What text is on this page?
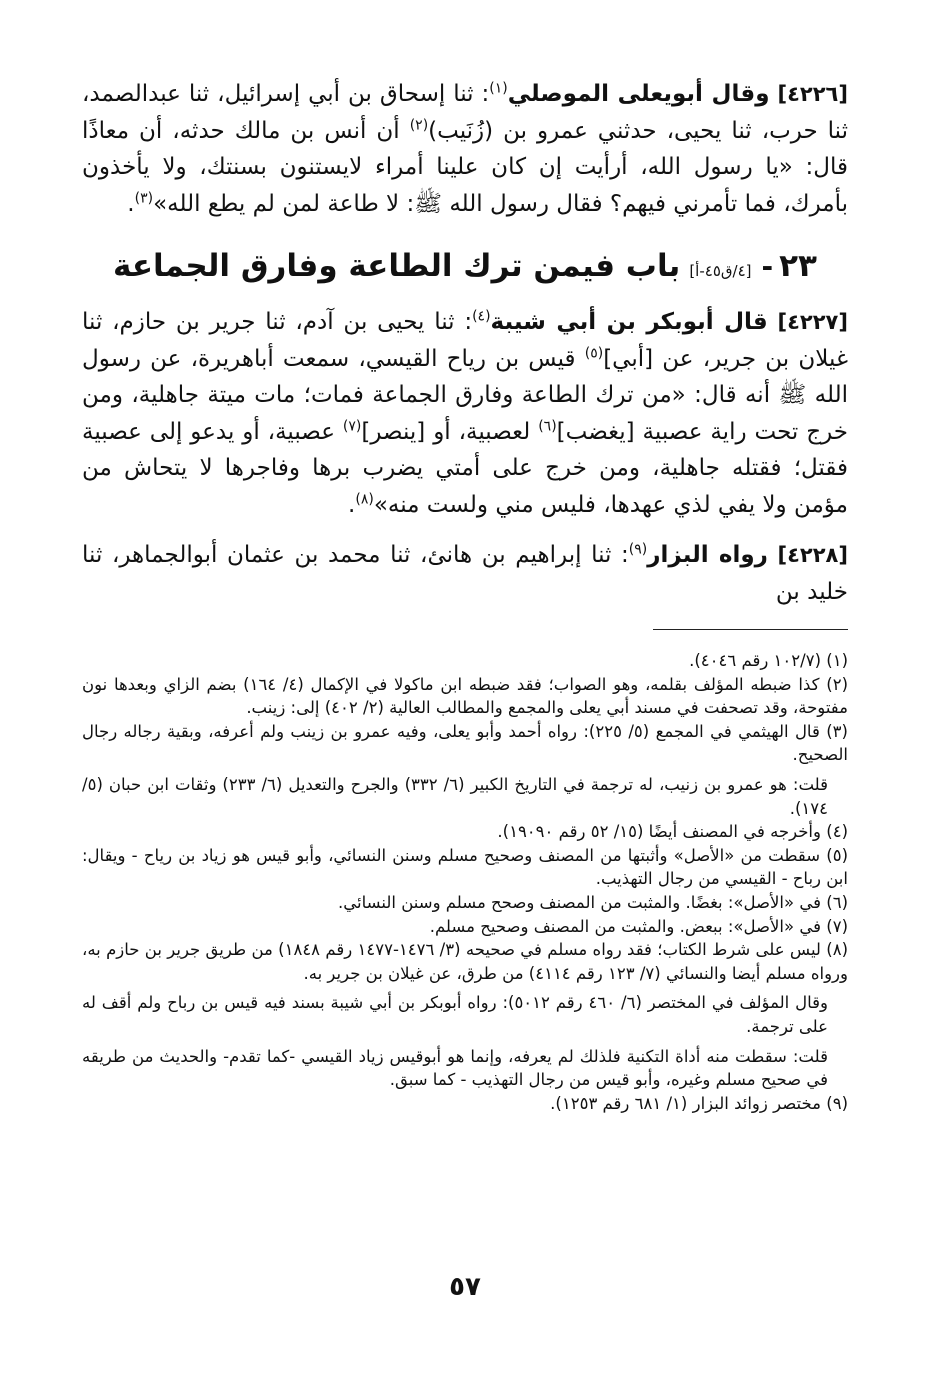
[٤٢٢٦] وقال أبويعلى الموصلي$^{(١)}$: ثنا إسحاق بن أبي إسرائيل، ثنا عبدالصمد، ثنا حرب، ثنا يحيى، حدثني عمرو بن (زُنَيب)$^{(٢)}$ أن أنس بن مالك حدثه، أن معاذًا قال: «يا رسول الله، أرأيت إن كان علينا أمراء لايستنون بسنتك، ولا يأخذون بأمرك، فما تأمرني فيهم؟ فقال رسول الله ﷺ: لا طاعة لمن لم يطع الله»$^{(٣)}$.

٢٣-[٤/ق٤٥-أ] باب فيمن ترك الطاعة وفارق الجماعة

[٤٢٢٧] قال أبوبكر بن أبي شيبة$^{(٤)}$: ثنا يحيى بن آدم، ثنا جرير بن حازم، ثنا غيلان بن جرير، عن [أبي]$^{(٥)}$ قيس بن رياح القيسي، سمعت أباهريرة، عن رسول الله ﷺ أنه قال: «من ترك الطاعة وفارق الجماعة فمات؛ مات ميتة جاهلية، ومن خرج تحت راية عصبية [يغضب]$^{(٦)}$ لعصبية، أو [ينصر]$^{(٧)}$ عصبية، أو يدعو إلى عصبية فقتل؛ فقتله جاهلية، ومن خرج على أمتي يضرب برها وفاجرها لا يتحاش من مؤمن ولا يفي لذي عهدها، فليس مني ولست منه»$^{(٨)}$.

[٤٢٢٨] رواه البزار$^{(٩)}$: ثنا إبراهيم بن هانئ، ثنا محمد بن عثمان أبوالجماهر، ثنا خليد بن

(١) (١٠٢/٧ رقم ٤٠٤٦).

(٢) كذا ضبطه المؤلف بقلمه، وهو الصواب؛ فقد ضبطه ابن ماكولا في الإكمال (٤/ ١٦٤) بضم الزاي وبعدها نون مفتوحة، وقد تصحفت في مسند أبي يعلى والمجمع والمطالب العالية (٢/ ٤٠٢) إلى: زينب.

(٣) قال الهيثمي في المجمع (٥/ ٢٢٥): رواه أحمد وأبو يعلى، وفيه عمرو بن زينب ولم أعرفه، وبقية رجاله رجال الصحيح.

قلت: هو عمرو بن زنيب، له ترجمة في التاريخ الكبير (٦/ ٣٣٢) والجرح والتعديل (٦/ ٢٣٣) وثقات ابن حبان (٥/ ١٧٤).

(٤) وأخرجه في المصنف أيضًا (١٥/ ٥٢ رقم ١٩٠٩٠).

(٥) سقطت من «الأصل» وأثبتها من المصنف وصحيح مسلم وسنن النسائي، وأبو قيس هو زياد بن رياح - ويقال: ابن رباح - القيسي من رجال التهذيب.

(٦) في «الأصل»: بغضًا. والمثبت من المصنف وصحح مسلم وسنن النسائي.

(٧) في «الأصل»: ببعض. والمثبت من المصنف وصحيح مسلم.

(٨) ليس على شرط الكتاب؛ فقد رواه مسلم في صحيحه (٣/ ١٤٧٦-١٤٧٧ رقم ١٨٤٨) من طريق جرير بن حازم به، ورواه مسلم أيضا والنسائي (٧/ ١٢٣ رقم ٤١١٤) من طرق، عن غيلان بن جرير به.

وقال المؤلف في المختصر (٦/ ٤٦٠ رقم ٥٠١٢): رواه أبوبكر بن أبي شيبة بسند فيه قيس بن رباح ولم أقف له على ترجمة.

قلت: سقطت منه أداة التكنية فلذلك لم يعرفه، وإنما هو أبوقيس زياد القيسي -كما تقدم- والحديث من طريقه في صحيح مسلم وغيره، وأبو قيس من رجال التهذيب - كما سبق.

(٩) مختصر زوائد البزار (١/ ٦٨١ رقم ١٢٥٣).

٥٧
